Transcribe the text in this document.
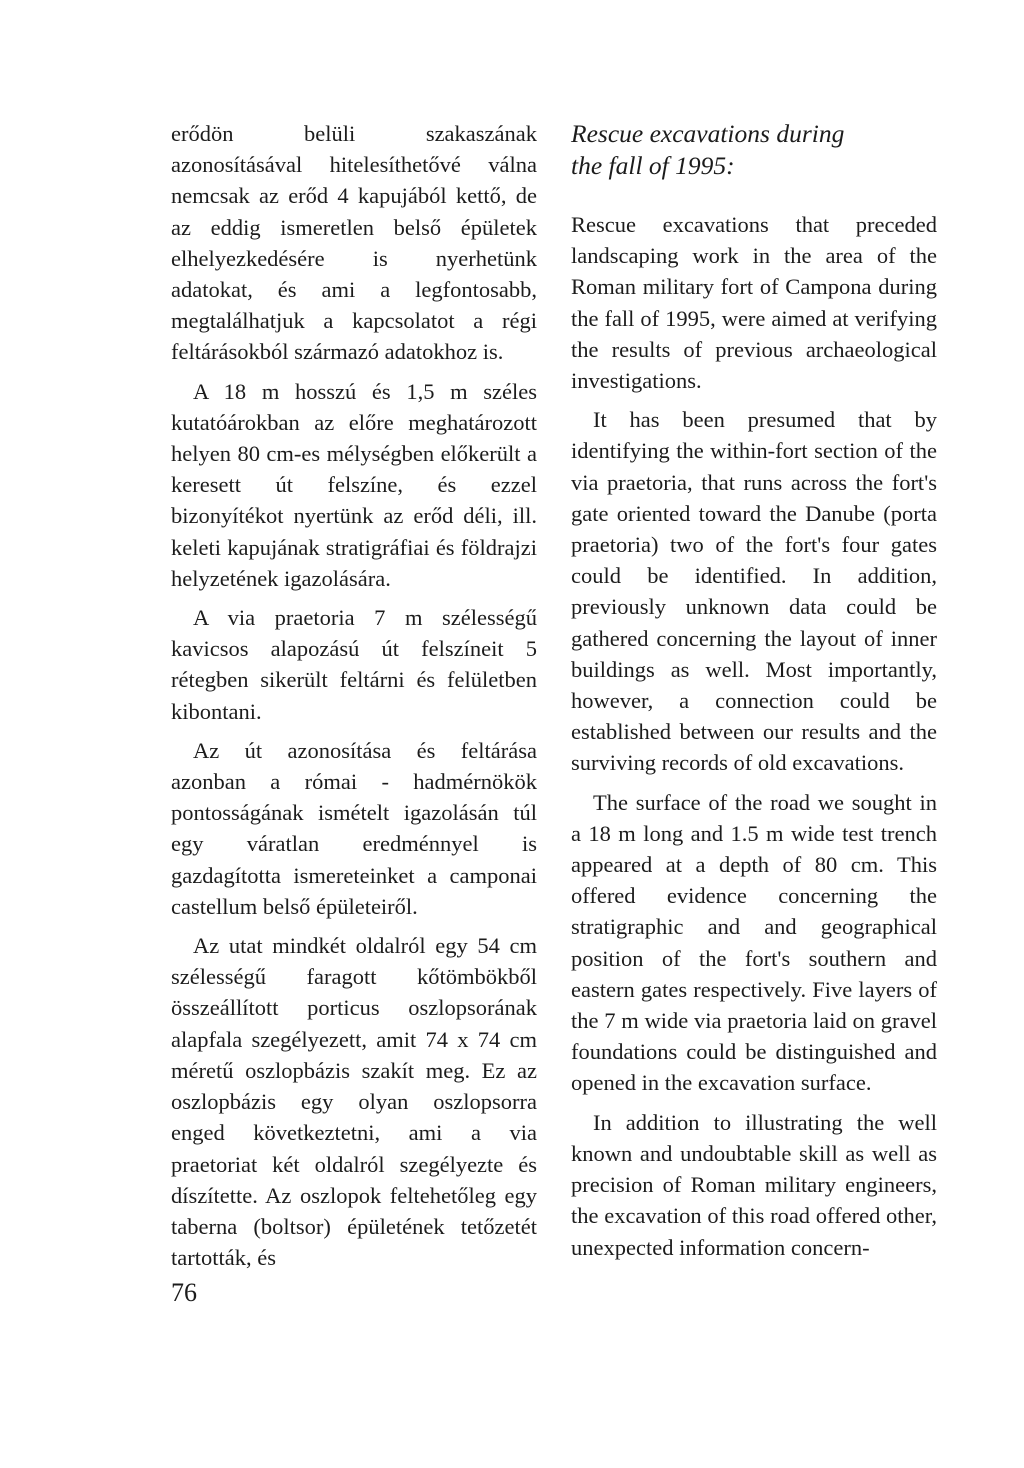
erődön belüli szakaszának azonosításával hitelesíthetővé válna nemcsak az erőd 4 kapujából kettő, de az eddig ismeretlen belső épületek elhelyezkedésére is nyerhetünk adatokat, és ami a legfontosabb, megtalálhatjuk a kapcsolatot a régi feltárásokból származó adatokhoz is.

A 18 m hosszú és 1,5 m széles kutatóárokban az előre meghatározott helyen 80 cm-es mélységben előkerült a keresett út felszíne, és ezzel bizonyítékot nyertünk az erőd déli, ill. keleti kapujának stratigráfiai és földrajzi helyzetének igazolására.

A via praetoria 7 m szélességű kavicsos alapozású út felszíneit 5 rétegben sikerült feltárni és felületben kibontani.

Az út azonosítása és feltárása azonban a római - hadmérnökök pontosságának ismételt igazolásán túl egy váratlan eredménnyel is gazdagította ismereteinket a camponai castellum belső épületeiről.

Az utat mindkét oldalról egy 54 cm szélességű faragott kőtömbökből összeállított porticus oszlopsorának alapfala szegélyezett, amit 74 x 74 cm méretű oszlopbázis szakít meg. Ez az oszlopbázis egy olyan oszlopsorra enged következtetni, ami a via praetoriat két oldalról szegélyezte és díszítette. Az oszlopok feltehetőleg egy taberna (boltsor) épületének tetőzetét tartották, és

Rescue excavations during
the fall of 1995:

Rescue excavations that preceded landscaping work in the area of the Roman military fort of Campona during the fall of 1995, were aimed at verifying the results of previous archaeological investigations.

It has been presumed that by identifying the within-fort section of the via praetoria, that runs across the fort's gate oriented toward the Danube (porta praetoria) two of the fort's four gates could be identified. In addition, previously unknown data could be gathered concerning the layout of inner buildings as well. Most importantly, however, a connection could be established between our results and the surviving records of old excavations.

The surface of the road we sought in a 18 m long and 1.5 m wide test trench appeared at a depth of 80 cm. This offered evidence concerning the stratigraphic and and geographical position of the fort's southern and eastern gates respectively. Five layers of the 7 m wide via praetoria laid on gravel foundations could be distinguished and opened in the excavation surface.

In addition to illustrating the well known and undoubtable skill as well as precision of Roman military engineers, the excavation of this road offered other, unexpected information concern-

76
